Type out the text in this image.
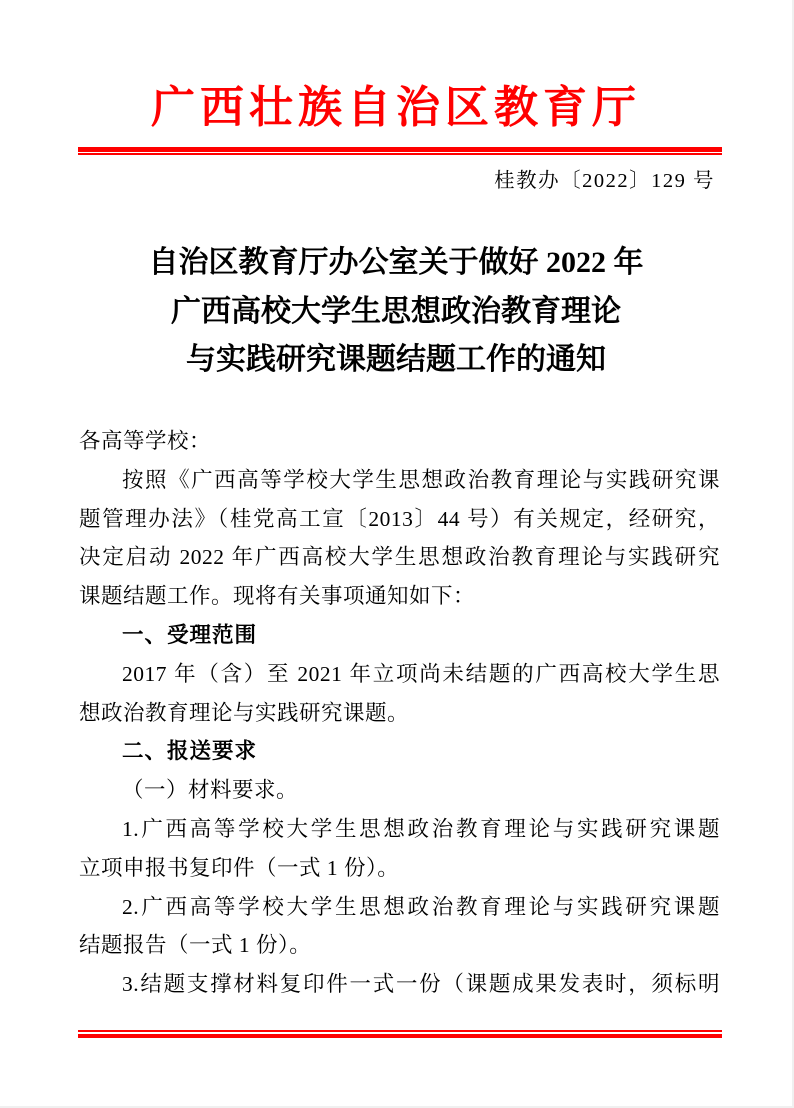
广西壮族自治区教育厅
桂教办〔2022〕129 号
自治区教育厅办公室关于做好 2022 年
广西高校大学生思想政治教育理论
与实践研究课题结题工作的通知

各高等学校：

按照《广西高等学校大学生思想政治教育理论与实践研究课

题管理办法》（桂党高工宣〔2013〕44 号）有关规定，经研究，

决定启动 2022 年广西高校大学生思想政治教育理论与实践研究

课题结题工作。现将有关事项通知如下：

一、受理范围

2017 年（含）至 2021 年立项尚未结题的广西高校大学生思

想政治教育理论与实践研究课题。

二、报送要求

（一）材料要求。

1.广西高等学校大学生思想政治教育理论与实践研究课题

立项申报书复印件（一式 1 份）。

2.广西高等学校大学生思想政治教育理论与实践研究课题

结题报告（一式 1 份）。

3.结题支撑材料复印件一式一份（课题成果发表时，须标明
